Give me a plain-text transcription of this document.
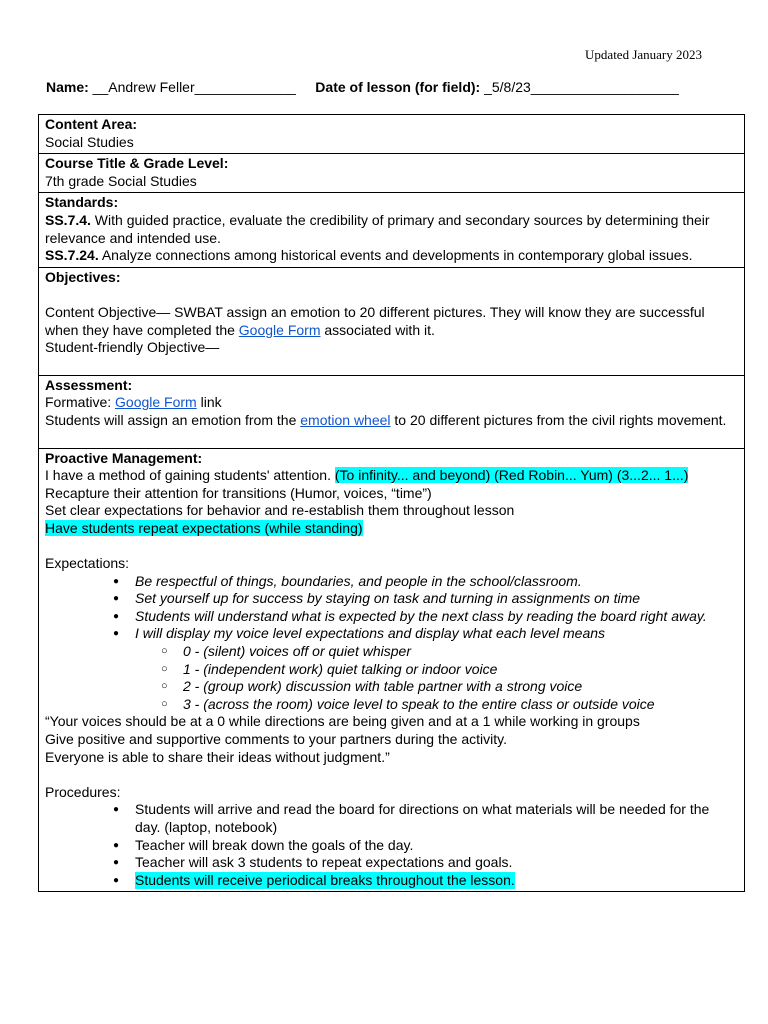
Updated January 2023
Name: __Andrew Feller_____________ Date of lesson (for field): _5/8/23___________________
Content Area:
Social Studies
Course Title & Grade Level:
7th grade Social Studies
Standards:
SS.7.4. With guided practice, evaluate the credibility of primary and secondary sources by determining their relevance and intended use.
SS.7.24. Analyze connections among historical events and developments in contemporary global issues.
Objectives:
Content Objective— SWBAT assign an emotion to 20 different pictures. They will know they are successful when they have completed the Google Form associated with it.
Student-friendly Objective—
Assessment:
Formative: Google Form link
Students will assign an emotion from the emotion wheel to 20 different pictures from the civil rights movement.
Proactive Management:
I have a method of gaining students' attention. (To infinity... and beyond) (Red Robin... Yum) (3...2... 1...)
Recapture their attention for transitions (Humor, voices, “time”)
Set clear expectations for behavior and re-establish them throughout lesson
Have students repeat expectations (while standing)
Expectations:
● Be respectful of things, boundaries, and people in the school/classroom.
● Set yourself up for success by staying on task and turning in assignments on time
● Students will understand what is expected by the next class by reading the board right away.
● I will display my voice level expectations and display what each level means
○ 0 - (silent) voices off or quiet whisper
○ 1 - (independent work) quiet talking or indoor voice
○ 2 - (group work) discussion with table partner with a strong voice
○ 3 - (across the room) voice level to speak to the entire class or outside voice
“Your voices should be at a 0 while directions are being given and at a 1 while working in groups
Give positive and supportive comments to your partners during the activity.
Everyone is able to share their ideas without judgment.”
Procedures:
● Students will arrive and read the board for directions on what materials will be needed for the day. (laptop, notebook)
● Teacher will break down the goals of the day.
● Teacher will ask 3 students to repeat expectations and goals.
● Students will receive periodical breaks throughout the lesson.
